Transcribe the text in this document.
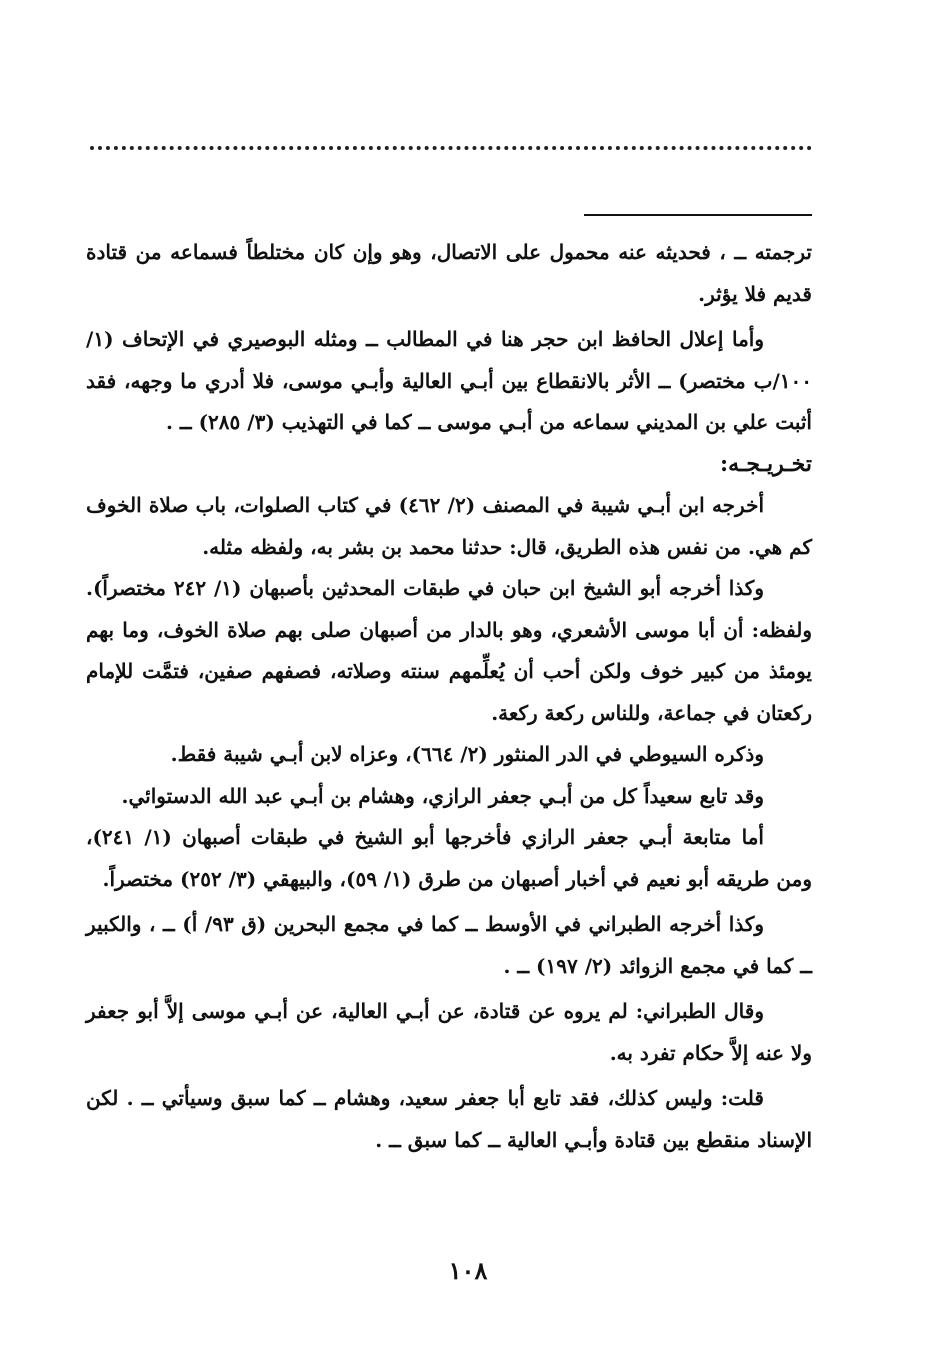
ترجمته ــ ، فحديثه عنه محمول على الاتصال، وهو وإن كان مختلطاً فسماعه من قتادة قديم فلا يؤثر.

وأما إعلال الحافظ ابن حجر هنا في المطالب ــ ومثله البوصيري في الإتحاف (١/ ١٠٠/ب مختصر) ــ الأثر بالانقطاع بين أبـي العالية وأبـي موسى، فلا أدري ما وجهه، فقد أثبت علي بن المديني سماعه من أبـي موسى ــ كما في التهذيب (٣/ ٢٨٥) ــ .

تخـريـجـه:

أخرجه ابن أبـي شيبة في المصنف (٢/ ٤٦٢) في كتاب الصلوات، باب صلاة الخوف كم هي. من نفس هذه الطريق، قال: حدثنا محمد بن بشر به، ولفظه مثله.

وكذا أخرجه أبو الشيخ ابن حبان في طبقات المحدثين بأصبهان (١/ ٢٤٢ مختصراً). ولفظه: أن أبا موسى الأشعري، وهو بالدار من أصبهان صلى بهم صلاة الخوف، وما بهم يومئذ من كبير خوف ولكن أحب أن يُعلِّمهم سنته وصلاته، فصفهم صفين، فتمَّت للإمام ركعتان في جماعة، وللناس ركعة ركعة.

وذكره السيوطي في الدر المنثور (٢/ ٦٦٤)، وعزاه لابن أبـي شيبة فقط.

وقد تابع سعيداً كل من أبـي جعفر الرازي، وهشام بن أبـي عبد الله الدستوائي.

أما متابعة أبـي جعفر الرازي فأخرجها أبو الشيخ في طبقات أصبهان (١/ ٢٤١)، ومن طريقه أبو نعيم في أخبار أصبهان من طرق (١/ ٥٩)، والبيهقي (٣/ ٢٥٢) مختصراً.

وكذا أخرجه الطبراني في الأوسط ــ كما في مجمع البحرين (ق ٩٣/ أ) ــ ، والكبير ــ كما في مجمع الزوائد (٢/ ١٩٧) ــ .

وقال الطبراني: لم يروه عن قتادة، عن أبـي العالية، عن أبـي موسى إلاَّ أبو جعفر ولا عنه إلاَّ حكام تفرد به.

قلت: وليس كذلك، فقد تابع أبا جعفر سعيد، وهشام ــ كما سبق وسيأتي ــ . لكن الإسناد منقطع بين قتادة وأبـي العالية ــ كما سبق ــ .

١٠٨
